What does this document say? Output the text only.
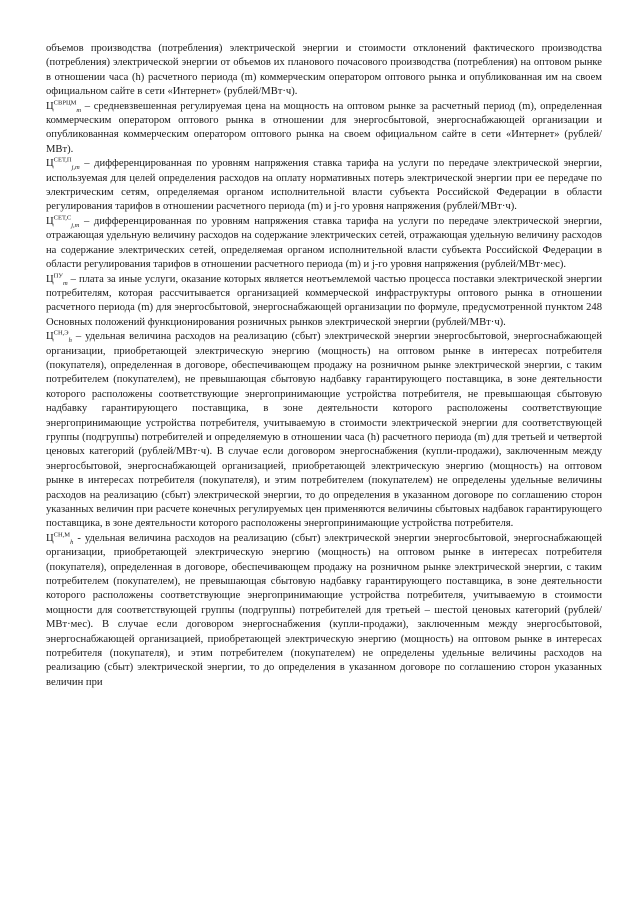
объемов производства (потребления) электрической энергии и стоимости отклонений фактического производства (потребления) электрической энергии от объемов их планового почасового производства (потребления) на оптовом рынке в отношении часа (h) расчетного периода (m) коммерческим оператором оптового рынка и опубликованная им на своем официальном сайте в сети «Интернет» (рублей/МВт·ч).

$Ц^{СВРЦМ}_m$ – средневзвешенная регулируемая цена на мощность на оптовом рынке за расчетный период (m), определенная коммерческим оператором оптового рынка в отношении для энергосбытовой, энергоснабжающей организации и опубликованная коммерческим оператором оптового рынка на своем официальном сайте в сети «Интернет» (рублей/МВт).

$Ц^{СЕТ,П}_{j,m}$ – дифференцированная по уровням напряжения ставка тарифа на услуги по передаче электрической энергии, используемая для целей определения расходов на оплату нормативных потерь электрической энергии при ее передаче по электрическим сетям, определяемая органом исполнительной власти субъекта Российской Федерации в области регулирования тарифов в отношении расчетного периода (m) и j-го уровня напряжения (рублей/МВт·ч).

$Ц^{СЕТ,С}_{j,m}$ – дифференцированная по уровням напряжения ставка тарифа на услуги по передаче электрической энергии, отражающая удельную величину расходов на содержание электрических сетей, отражающая удельную величину расходов на содержание электрических сетей, определяемая органом исполнительной власти субъекта Российской Федерации в области регулирования тарифов в отношении расчетного периода (m) и j-го уровня напряжения (рублей/МВт·мес).

$Ц^{ПУ}_m$ – плата за иные услуги, оказание которых является неотъемлемой частью процесса поставки электрической энергии потребителям, которая рассчитывается организацией коммерческой инфраструктуры оптового рынка в отношении расчетного периода (m) для энергосбытовой, энергоснабжающей организации по формуле, предусмотренной пунктом 248 Основных положений функционирования розничных рынков электрической энергии (рублей/МВт·ч).

$Ц^{СН,Э}_h$ – удельная величина расходов на реализацию (сбыт) электрической энергии энергосбытовой, энергоснабжающей организации, приобретающей электрическую энергию (мощность) на оптовом рынке в интересах потребителя (покупателя), определенная в договоре, обеспечивающем продажу на розничном рынке электрической энергии, с таким потребителем (покупателем), не превышающая сбытовую надбавку гарантирующего поставщика, в зоне деятельности которого расположены соответствующие энергопринимающие устройства потребителя, не превышающая сбытовую надбавку гарантирующего поставщика, в зоне деятельности которого расположены соответствующие энергопринимающие устройства потребителя, учитываемую в стоимости электрической энергии для соответствующей группы (подгруппы) потребителей и определяемую в отношении часа (h) расчетного периода (m) для третьей и четвертой ценовых категорий (рублей/МВт·ч). В случае если договором энергоснабжения (купли-продажи), заключенным между энергосбытовой, энергоснабжающей организацией, приобретающей электрическую энергию (мощность) на оптовом рынке в интересах потребителя (покупателя), и этим потребителем (покупателем) не определены удельные величины расходов на реализацию (сбыт) электрической энергии, то до определения в указанном договоре по соглашению сторон указанных величин при расчете конечных регулируемых цен применяются величины сбытовых надбавок гарантирующего поставщика, в зоне деятельности которого расположены энергопринимающие устройства потребителя.

$Ц^{СН,М}_h$ - удельная величина расходов на реализацию (сбыт) электрической энергии энергосбытовой, энергоснабжающей организации, приобретающей электрическую энергию (мощность) на оптовом рынке в интересах потребителя (покупателя), определенная в договоре, обеспечивающем продажу на розничном рынке электрической энергии, с таким потребителем (покупателем), не превышающая сбытовую надбавку гарантирующего поставщика, в зоне деятельности которого расположены соответствующие энергопринимающие устройства потребителя, учитываемую в стоимости мощности для соответствующей группы (подгруппы) потребителей для третьей – шестой ценовых категорий (рублей/МВт·мес). В случае если договором энергоснабжения (купли-продажи), заключенным между энергосбытовой, энергоснабжающей организацией, приобретающей электрическую энергию (мощность) на оптовом рынке в интересах потребителя (покупателя), и этим потребителем (покупателем) не определены удельные величины расходов на реализацию (сбыт) электрической энергии, то до определения в указанном договоре по соглашению сторон указанных величин при
